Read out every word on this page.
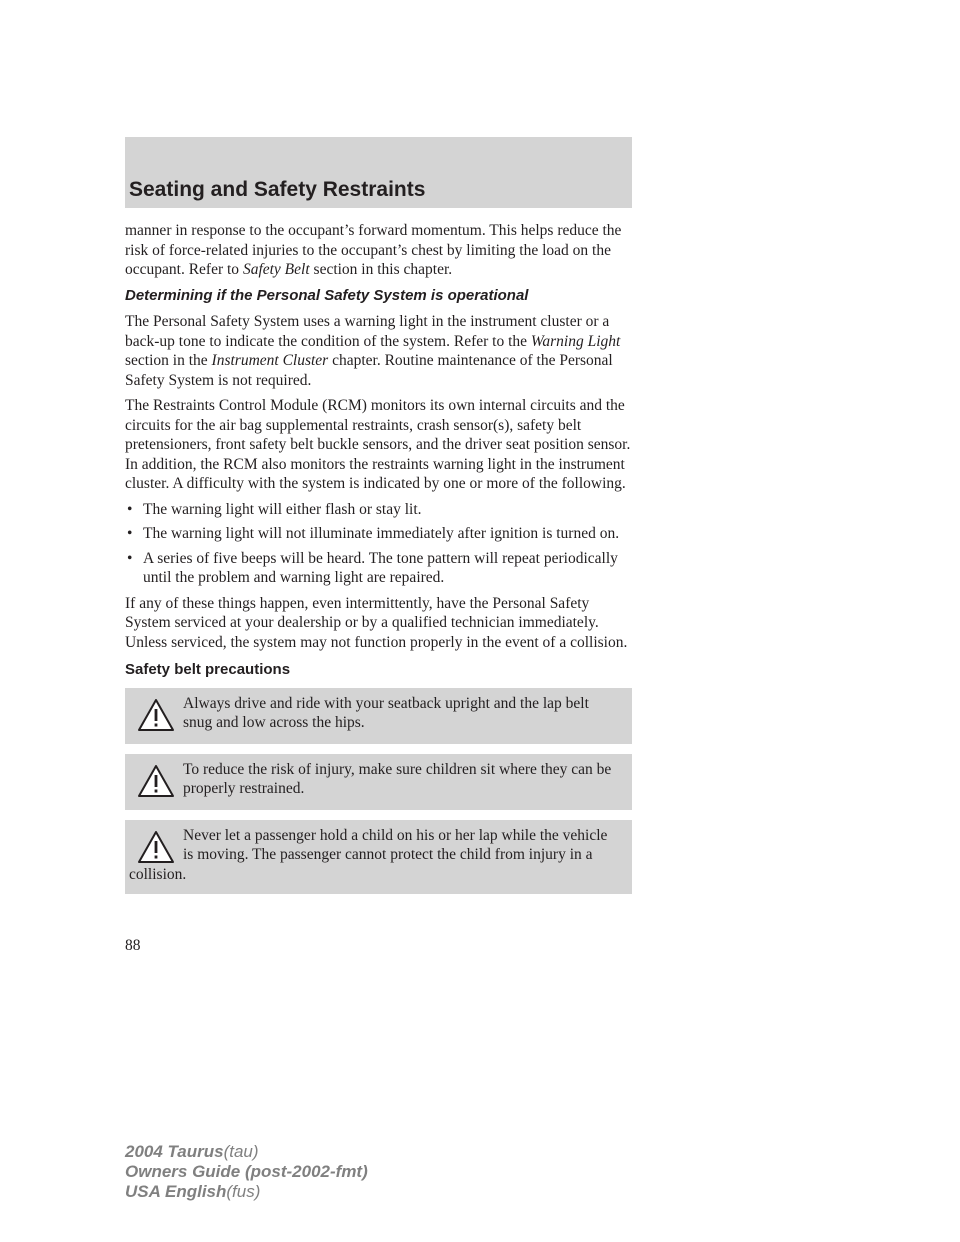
Seating and Safety Restraints

manner in response to the occupant’s forward momentum. This helps reduce the risk of force-related injuries to the occupant’s chest by limiting the load on the occupant. Refer to Safety Belt section in this chapter.

Determining if the Personal Safety System is operational

The Personal Safety System uses a warning light in the instrument cluster or a back-up tone to indicate the condition of the system. Refer to the Warning Light section in the Instrument Cluster chapter. Routine maintenance of the Personal Safety System is not required.

The Restraints Control Module (RCM) monitors its own internal circuits and the circuits for the air bag supplemental restraints, crash sensor(s), safety belt pretensioners, front safety belt buckle sensors, and the driver seat position sensor. In addition, the RCM also monitors the restraints warning light in the instrument cluster. A difficulty with the system is indicated by one or more of the following.

• The warning light will either flash or stay lit.
• The warning light will not illuminate immediately after ignition is turned on.
• A series of five beeps will be heard. The tone pattern will repeat periodically until the problem and warning light are repaired.

If any of these things happen, even intermittently, have the Personal Safety System serviced at your dealership or by a qualified technician immediately. Unless serviced, the system may not function properly in the event of a collision.

Safety belt precautions
Always drive and ride with your seatback upright and the lap belt snug and low across the hips.
To reduce the risk of injury, make sure children sit where they can be properly restrained.
Never let a passenger hold a child on his or her lap while the vehicle is moving. The passenger cannot protect the child from injury in a collision.
88
2004 Taurus(tau)
Owners Guide (post-2002-fmt)
USA English(fus)
